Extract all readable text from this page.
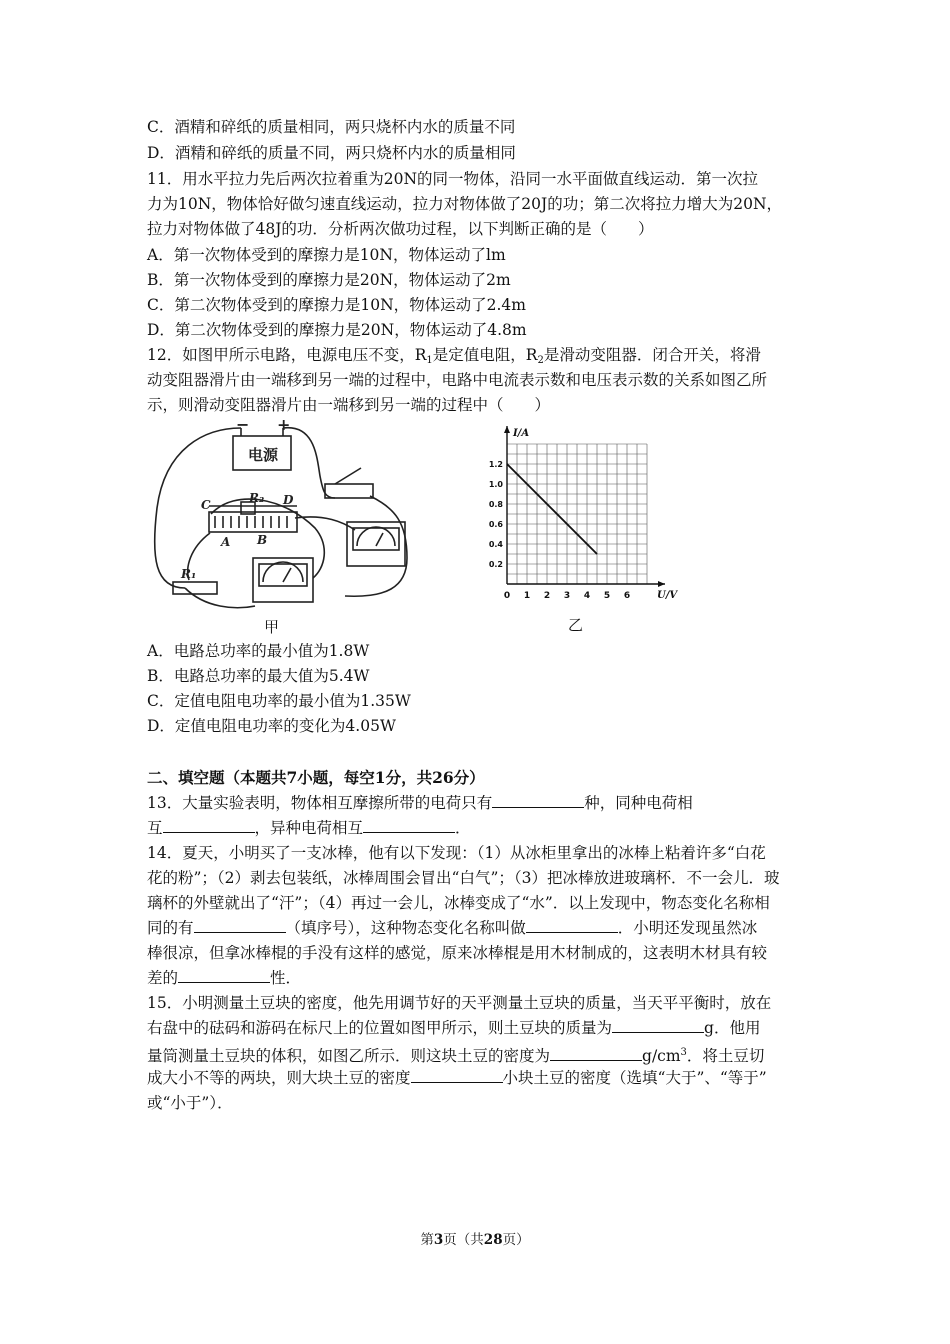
C．酒精和碎纸的质量相同，两只烧杯内水的质量不同
D．酒精和碎纸的质量不同，两只烧杯内水的质量相同
11．用水平拉力先后两次拉着重为20N的同一物体，沿同一水平面做直线运动．第一次拉
力为10N，物体恰好做匀速直线运动，拉力对物体做了20J的功；第二次将拉力增大为20N，
拉力对物体做了48J的功．分析两次做功过程，以下判断正确的是（　　）
A．第一次物体受到的摩擦力是10N，物体运动了lm
B．第一次物体受到的摩擦力是20N，物体运动了2m
C．第二次物体受到的摩擦力是10N，物体运动了2.4m
D．第二次物体受到的摩擦力是20N，物体运动了4.8m
12．如图甲所示电路，电源电压不变，$R_1$是定值电阻，$R_2$是滑动变阻器．闭合开关，将滑
动变阻器滑片由一端移到另一端的过程中，电路中电流表示数和电压表示数的关系如图乙所
示，则滑动变阻器滑片由一端移到另一端的过程中（　　）
− +
C	R₂ D
A B
R₁
电源
甲
0 1 2 3 4 5 6
0.2
0.4
0.6
0.8
1.0
1.2
I/A
U/V
乙
A．电路总功率的最小值为1.8W
B．电路总功率的最大值为5.4W
C．定值电阻电功率的最小值为1.35W
D．定值电阻电功率的变化为4.05W
二、填空题（本题共7小题，每空1分，共26分）
13．大量实验表明，物体相互摩擦所带的电荷只有	种，同种电荷相
互	，异种电荷相互	．
14．夏天，小明买了一支冰棒，他有以下发现：（1）从冰柜里拿出的冰棒上粘着许多“白花
花的粉”；（2）剥去包装纸，冰棒周围会冒出“白气”；（3）把冰棒放进玻璃杯．不一会儿．玻
璃杯的外壁就出了“汗”；（4）再过一会儿，冰棒变成了“水”．以上发现中，物态变化名称相
同的有	（填序号），这种物态变化名称叫做	．小明还发现虽然冰
棒很凉，但拿冰棒棍的手没有这样的感觉，原来冰棒棍是用木材制成的，这表明木材具有较
差的	性．
15．小明测量土豆块的密度，他先用调节好的天平测量土豆块的质量，当天平平衡时，放在
右盘中的砝码和游码在标尺上的位置如图甲所示，则土豆块的质量为	g．他用
量筒测量土豆块的体积，如图乙所示．则这块土豆的密度为	$g/cm^3$．将土豆切
成大小不等的两块，则大块土豆的密度	小块土豆的密度（选填“大于”、“等于”
或“小于”）．
第3页（共28页）
